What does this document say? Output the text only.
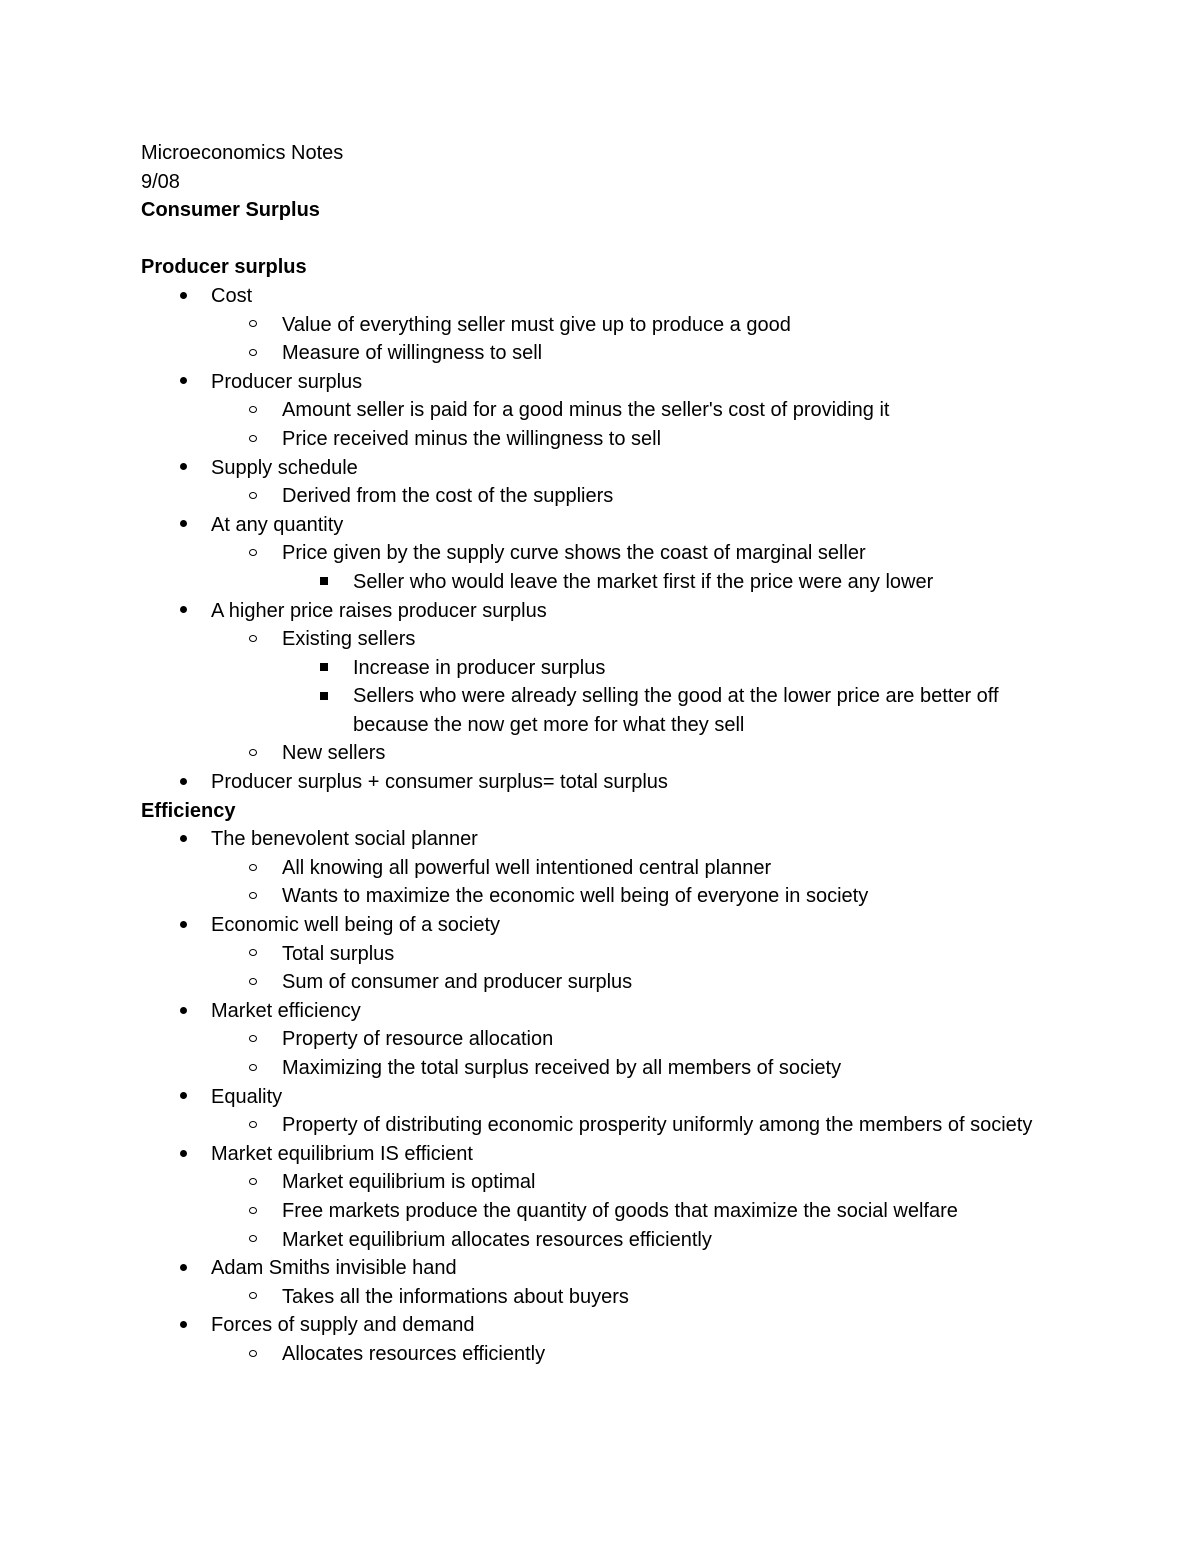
Microeconomics Notes

9/08

Consumer Surplus

Producer surplus

Cost
Value of everything seller must give up to produce a good
Measure of willingness to sell
Producer surplus
Amount seller is paid for a good minus the seller's cost of providing it
Price received minus the willingness to sell
Supply schedule
Derived from the cost of the suppliers
At any quantity
Price given by the supply curve shows the coast of marginal seller
Seller who would leave the market first if the price were any lower
A higher price raises producer surplus
Existing sellers
Increase in producer surplus
Sellers who were already selling the good at the lower price are better off because the now get more for what they sell
New sellers
Producer surplus + consumer surplus= total surplus

Efficiency

The benevolent social planner
All knowing all powerful well intentioned central planner
Wants to maximize the economic well being of everyone in society
Economic well being of a society
Total surplus
Sum of consumer and producer surplus
Market efficiency
Property of resource allocation
Maximizing the total surplus received by all members of society
Equality
Property of distributing economic prosperity uniformly among the members of society
Market equilibrium IS efficient
Market equilibrium is optimal
Free markets produce the quantity of goods that maximize the social welfare
Market equilibrium allocates resources efficiently
Adam Smiths invisible hand
Takes all the informations about buyers
Forces of supply and demand
Allocates resources efficiently
